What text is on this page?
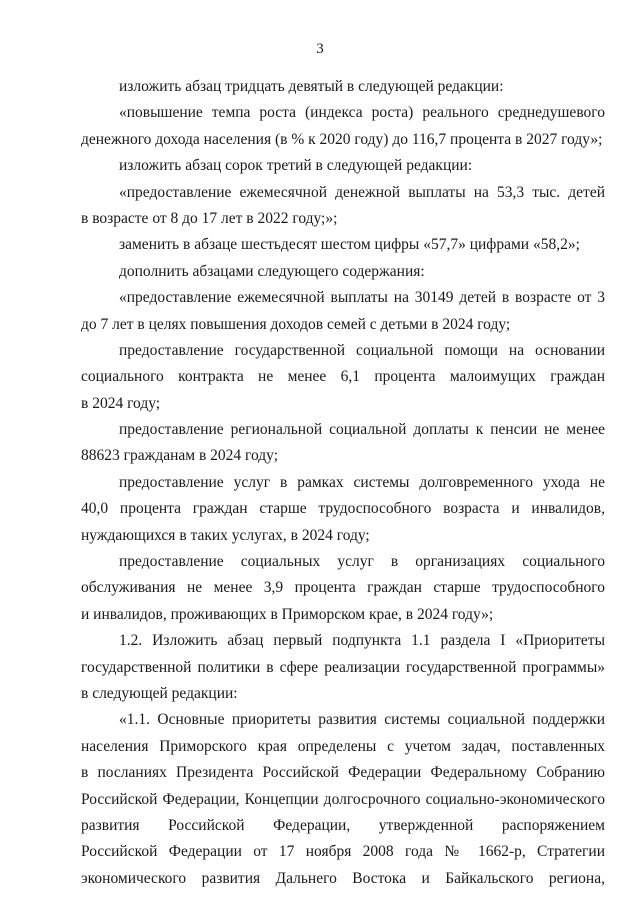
3
изложить абзац тридцать девятый в следующей редакции:
«повышение темпа роста (индекса роста) реального среднедушевого
денежного дохода населения (в % к 2020 году) до 116,7 процента в 2027 году»;
изложить абзац сорок третий в следующей редакции:
«предоставление ежемесячной денежной выплаты на 53,3 тыс. детей
в возрасте от 8 до 17 лет в 2022 году;»;
заменить в абзаце шестьдесят шестом цифры «57,7» цифрами «58,2»;
дополнить абзацами следующего содержания:
«предоставление ежемесячной выплаты на 30149 детей в возрасте от 3
до 7 лет в целях повышения доходов семей с детьми в 2024 году;
предоставление государственной социальной помощи на основании
социального контракта не менее 6,1 процента малоимущих граждан
в 2024 году;
предоставление региональной социальной доплаты к пенсии не менее
88623 гражданам в 2024 году;
предоставление услуг в рамках системы долговременного ухода не
40,0 процента граждан старше трудоспособного возраста и инвалидов,
нуждающихся в таких услугах, в 2024 году;
предоставление социальных услуг в организациях социального
обслуживания не менее 3,9 процента граждан старше трудоспособного
и инвалидов, проживающих в Приморском крае, в 2024 году»;
1.2. Изложить абзац первый подпункта 1.1 раздела I «Приоритеты
государственной политики в сфере реализации государственной программы»
в следующей редакции:
«1.1. Основные приоритеты развития системы социальной поддержки
населения Приморского края определены с учетом задач, поставленных
в посланиях Президента Российской Федерации Федеральному Собранию
Российской Федерации, Концепции долгосрочного социально-экономического
развития Российской Федерации, утвержденной распоряжением
Российской Федерации от 17 ноября 2008 года № 1662-р, Стратегии
экономического развития Дальнего Востока и Байкальского региона,
